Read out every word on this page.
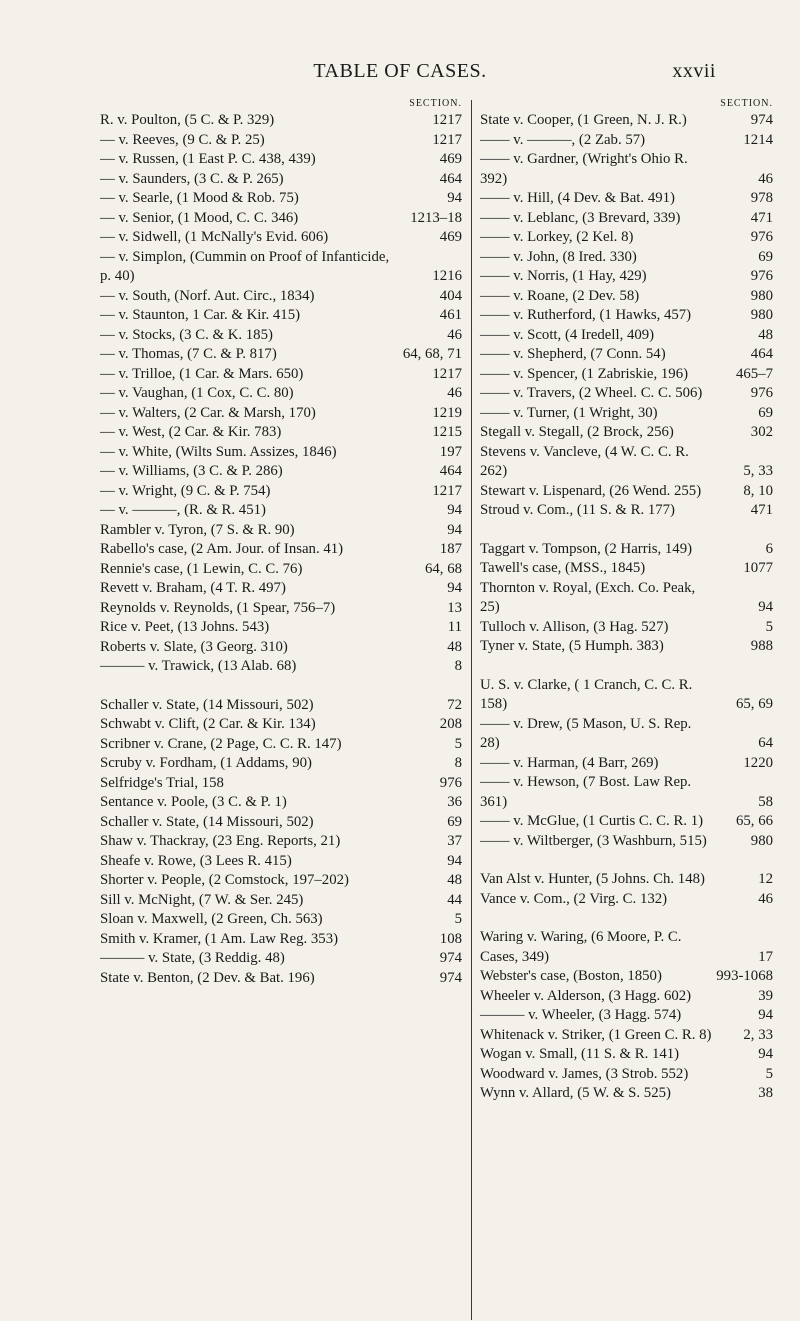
TABLE OF CASES.	xxvii
SECTION.
R. v. Poulton, (5 C. & P. 329)	1217
— v. Reeves, (9 C. & P. 25)	1217
— v. Russen, (1 East P. C. 438, 439)	469
— v. Saunders, (3 C. & P. 265)	464
— v. Searle, (1 Mood & Rob. 75)	94
— v. Senior, (1 Mood, C. C. 346)	1213–18
— v. Sidwell, (1 McNally's Evid. 606)	469
— v. Simplon, (Cummin on Proof of Infanticide, p. 40)	1216
— v. South, (Norf. Aut. Circ., 1834)	404
— v. Staunton, 1 Car. & Kir. 415)	461
— v. Stocks, (3 C. & K. 185)	46
— v. Thomas, (7 C. & P. 817)	64, 68, 71
— v. Trilloe, (1 Car. & Mars. 650)	1217
— v. Vaughan, (1 Cox, C. C. 80)	46
— v. Walters, (2 Car. & Marsh, 170)	1219
— v. West, (2 Car. & Kir. 783)	1215
— v. White, (Wilts Sum. Assizes, 1846)	197
— v. Williams, (3 C. & P. 286)	464
— v. Wright, (9 C. & P. 754)	1217
— v. ———, (R. & R. 451)	94
Rambler v. Tyron, (7 S. & R. 90)	94
Rabello's case, (2 Am. Jour. of Insan. 41)	187
Rennie's case, (1 Lewin, C. C. 76)	64, 68
Revett v. Braham, (4 T. R. 497)	94
Reynolds v. Reynolds, (1 Spear, 756–7)	13
Rice v. Peet, (13 Johns. 543)	11
Roberts v. Slate, (3 Georg. 310)	48
——— v. Trawick, (13 Alab. 68)	8
Schaller v. State, (14 Missouri, 502)	72
Schwabt v. Clift, (2 Car. & Kir. 134)	208
Scribner v. Crane, (2 Page, C. C. R. 147)	5
Scruby v. Fordham, (1 Addams, 90)	8
Selfridge's Trial, 158	976
Sentance v. Poole, (3 C. & P. 1)	36
Schaller v. State, (14 Missouri, 502)	69
Shaw v. Thackray, (23 Eng. Reports, 21)	37
Sheafe v. Rowe, (3 Lees R. 415)	94
Shorter v. People, (2 Comstock, 197–202)	48
Sill v. McNight, (7 W. & Ser. 245)	44
Sloan v. Maxwell, (2 Green, Ch. 563)	5
Smith v. Kramer, (1 Am. Law Reg. 353)	108
——— v. State, (3 Reddig. 48)	974
State v. Benton, (2 Dev. & Bat. 196)	974
SECTION.
State v. Cooper, (1 Green, N. J. R.)	974
—— v. ———, (2 Zab. 57)	1214
—— v. Gardner, (Wright's Ohio R. 392)	46
—— v. Hill, (4 Dev. & Bat. 491)	978
—— v. Leblanc, (3 Brevard, 339)	471
—— v. Lorkey, (2 Kel. 8)	976
—— v. John, (8 Ired. 330)	69
—— v. Norris, (1 Hay, 429)	976
—— v. Roane, (2 Dev. 58)	980
—— v. Rutherford, (1 Hawks, 457)	980
—— v. Scott, (4 Iredell, 409)	48
—— v. Shepherd, (7 Conn. 54)	464
—— v. Spencer, (1 Zabriskie, 196)	465–7
—— v. Travers, (2 Wheel. C. C. 506)	976
—— v. Turner, (1 Wright, 30)	69
Stegall v. Stegall, (2 Brock, 256)	302
Stevens v. Vancleve, (4 W. C. C. R. 262)	5, 33
Stewart v. Lispenard, (26 Wend. 255)	8, 10
Stroud v. Com., (11 S. & R. 177)	471
Taggart v. Tompson, (2 Harris, 149)	6
Tawell's case, (MSS., 1845)	1077
Thornton v. Royal, (Exch. Co. Peak, 25)	94
Tulloch v. Allison, (3 Hag. 527)	5
Tyner v. State, (5 Humph. 383)	988
U. S. v. Clarke, ( 1 Cranch, C. C. R. 158)	65, 69
—— v. Drew, (5 Mason, U. S. Rep. 28)	64
—— v. Harman, (4 Barr, 269)	1220
—— v. Hewson, (7 Bost. Law Rep. 361)	58
—— v. McGlue, (1 Curtis C. C. R. 1)	65, 66
—— v. Wiltberger, (3 Washburn, 515)	980
Van Alst v. Hunter, (5 Johns. Ch. 148)	12
Vance v. Com., (2 Virg. C. 132)	46
Waring v. Waring, (6 Moore, P. C. Cases, 349)	17
Webster's case, (Boston, 1850)	993-1068
Wheeler v. Alderson, (3 Hagg. 602)	39
——— v. Wheeler, (3 Hagg. 574)	94
Whitenack v. Striker, (1 Green C. R. 8)	2, 33
Wogan v. Small, (11 S. & R. 141)	94
Woodward v. James, (3 Strob. 552)	5
Wynn v. Allard, (5 W. & S. 525)	38
